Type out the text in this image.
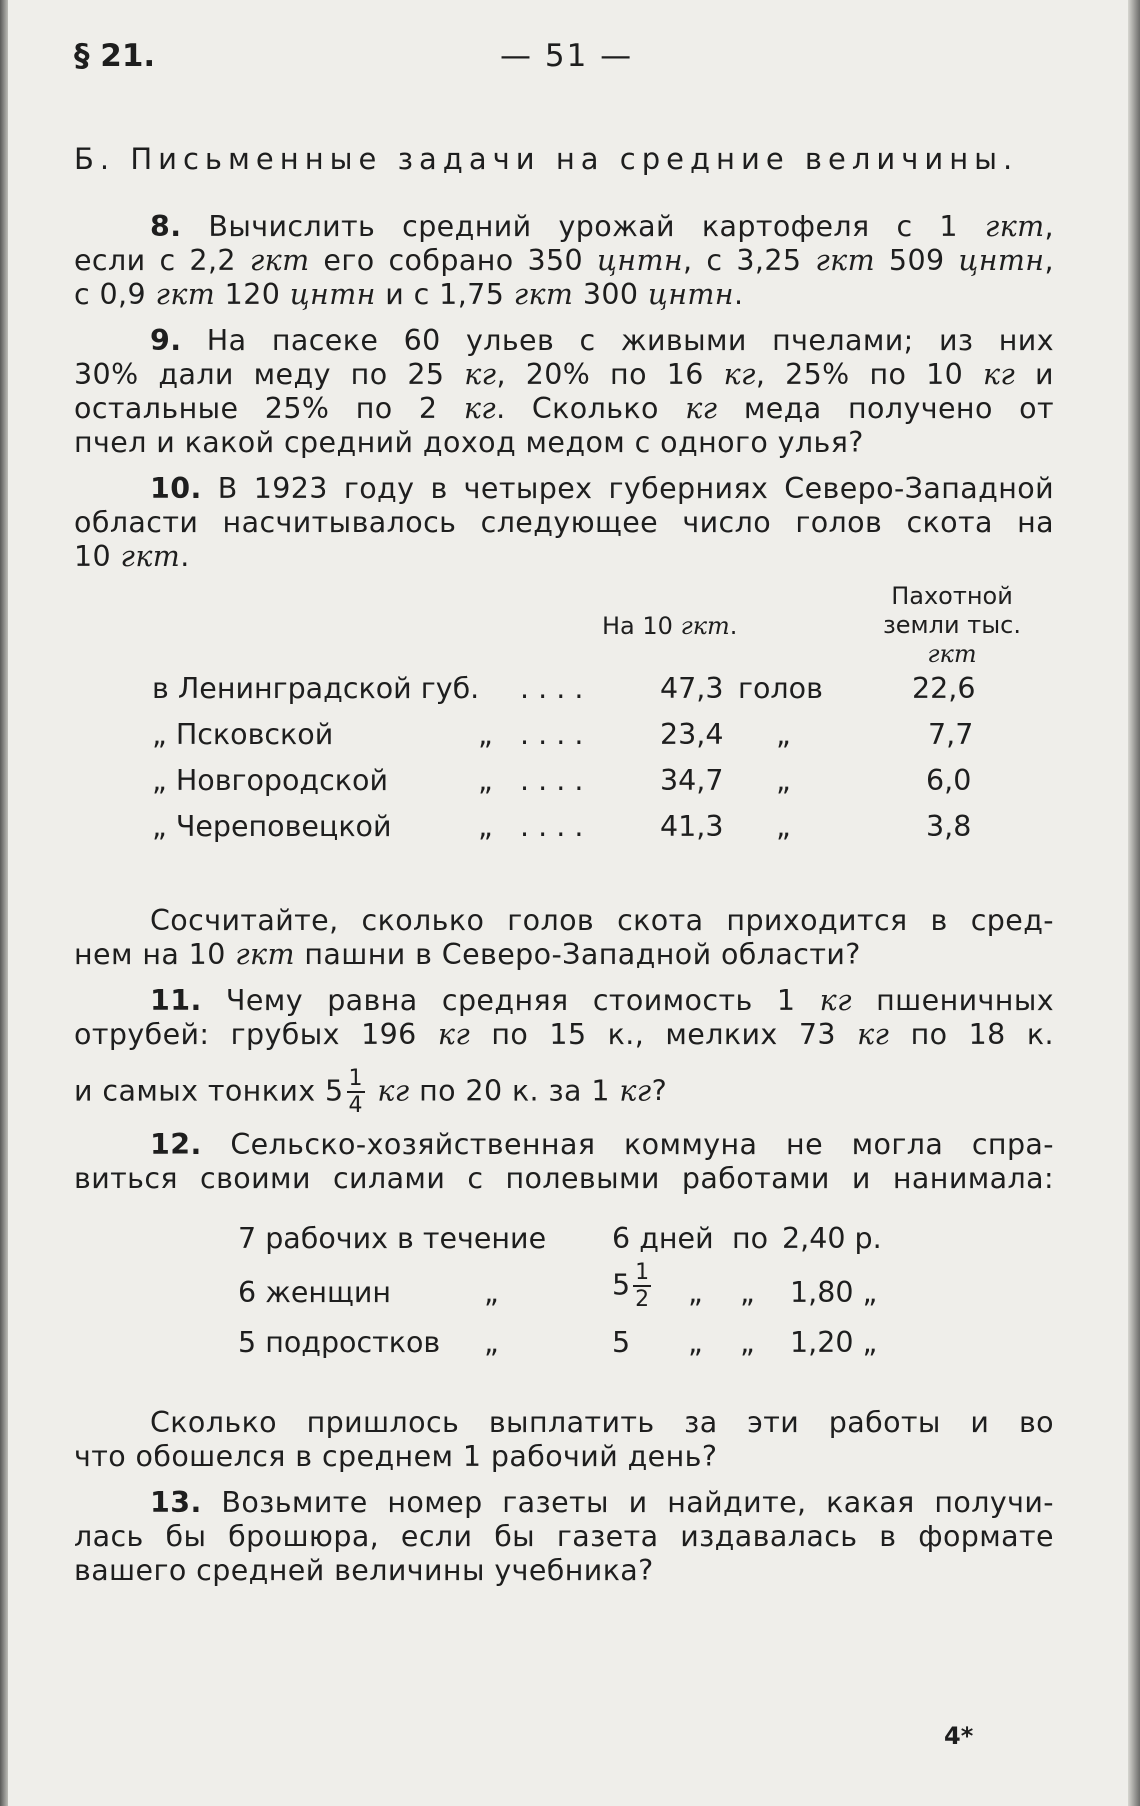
§ 21.	— 51 —
Б. Письменные задачи на средние величины.
8. Вычислить средний урожай картофеля с 1 гкт,
если с 2,2 гкт его собрано 350 цнтн, с 3,25 гкт 509 цнтн,
с 0,9 гкт 120 цнтн и с 1,75 гкт 300 цнтн.
9. На пасеке 60 ульев с живыми пчелами; из них
30% дали меду по 25 кг, 20% по 16 кг, 25% по 10 кг и
остальные 25% по 2 кг. Сколько кг меда получено от
пчел и какой средний доход медом с одного улья?
10. В 1923 году в четырех губерниях Северо-Западной
области насчитывалось следующее число голов скота на
10 гкт.
На 10 гкт.
Пахотной
земли тыс.
гкт
в Ленинградской губ. . . . .	47,3 голов	22,6
„ Псковской	„ . . . .	23,4 „	7,7
„ Новгородской	„ . . . .	34,7 „	6,0
„ Череповецкой	„ . . . .	41,3 „	3,8
Сосчитайте, сколько голов скота приходится в сред-
нем на 10 гкт пашни в Северо-Западной области?
11. Чему равна средняя стоимость 1 кг пшеничных
отрубей: грубых 196 кг по 15 к., мелких 73 кг по 18 к.
и самых тонких $5 \frac{1}{4}$ кг по 20 к. за 1 кг?
12. Сельско-хозяйственная коммуна не могла спра-
виться своими силами с полевыми работами и нанимала:
7 рабочих в течение 6 дней по 2,40 р.
6 женщин	„	$5 \frac{1}{2}$ „ „ 1,80 „
5 подростков „	5 „ „ 1,20 „
Сколько пришлось выплатить за эти работы и во
что обошелся в среднем 1 рабочий день?
13. Возьмите номер газеты и найдите, какая получи-
лась бы брошюра, если бы газета издавалась в формате
вашего средней величины учебника?
4*
